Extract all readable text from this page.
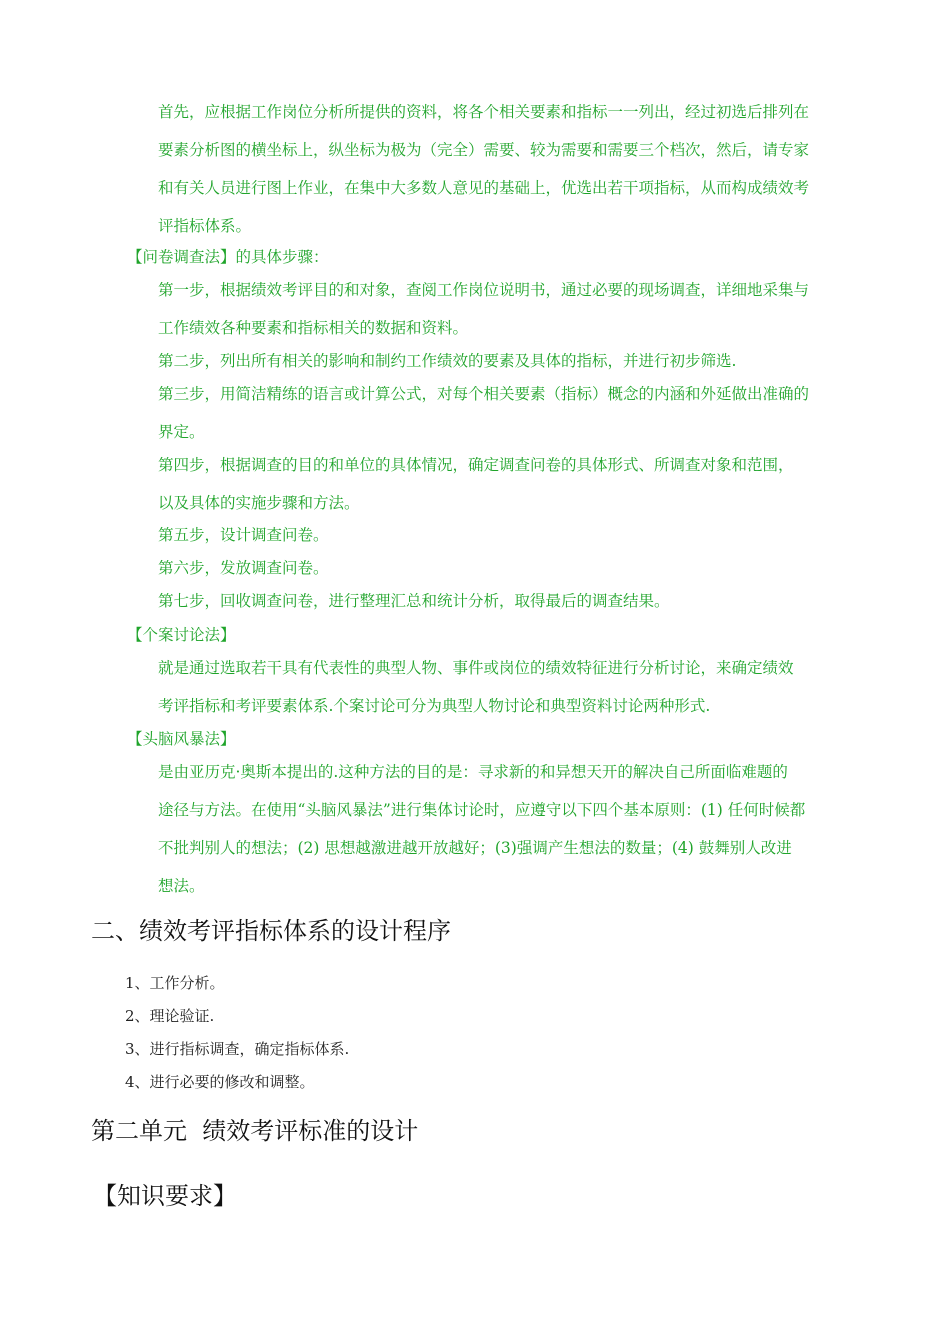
首先，应根据工作岗位分析所提供的资料，将各个相关要素和指标一一列出，经过初选后排列在
要素分析图的横坐标上，纵坐标为极为（完全）需要、较为需要和需要三个档次，然后，请专家
和有关人员进行图上作业，在集中大多数人意见的基础上，优选出若干项指标，从而构成绩效考
评指标体系。
【问卷调查法】的具体步骤：
第一步，根据绩效考评目的和对象，查阅工作岗位说明书，通过必要的现场调查，详细地采集与
工作绩效各种要素和指标相关的数据和资料。
第二步，列出所有相关的影响和制约工作绩效的要素及具体的指标，并进行初步筛选.
第三步，用简洁精练的语言或计算公式，对每个相关要素（指标）概念的内涵和外延做出准确的
界定。
第四步，根据调查的目的和单位的具体情况，确定调查问卷的具体形式、所调查对象和范围，
以及具体的实施步骤和方法。
第五步，设计调查问卷。
第六步，发放调查问卷。
第七步，回收调查问卷，进行整理汇总和统计分析，取得最后的调查结果。
【个案讨论法】
就是通过选取若干具有代表性的典型人物、事件或岗位的绩效特征进行分析讨论，来确定绩效
考评指标和考评要素体系.个案讨论可分为典型人物讨论和典型资料讨论两种形式.
【头脑风暴法】
是由亚历克·奥斯本提出的.这种方法的目的是：寻求新的和异想天开的解决自己所面临难题的
途径与方法。在使用“头脑风暴法”进行集体讨论时，应遵守以下四个基本原则：(1) 任何时候都
不批判别人的想法；(2) 思想越激进越开放越好；(3)强调产生想法的数量；(4) 鼓舞别人改进
想法。
二、绩效考评指标体系的设计程序
1、工作分析。
2、理论验证.
3、进行指标调查，确定指标体系.
4、进行必要的修改和调整。
第二单元  绩效考评标准的设计
【知识要求】
